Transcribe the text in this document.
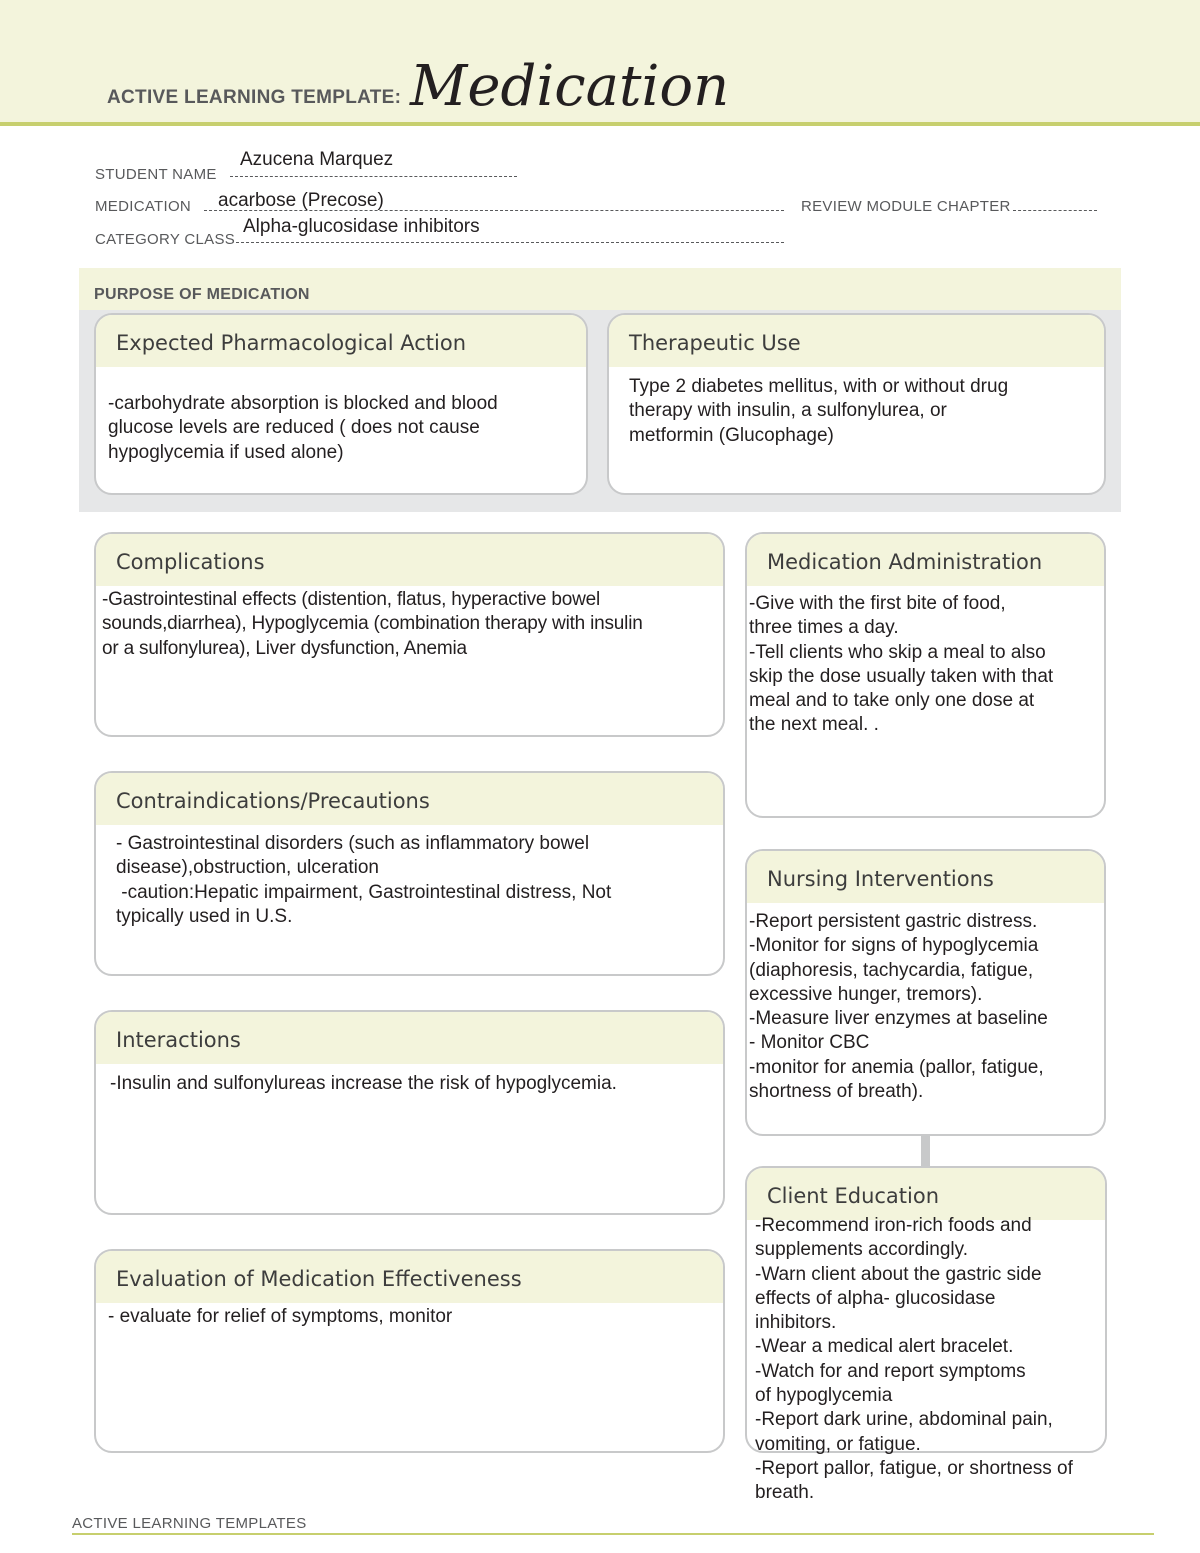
ACTIVE LEARNING TEMPLATE: Medication
STUDENT NAME
Azucena Marquez
MEDICATION acarbose (Precose)	REVIEW MODULE CHAPTER
CATEGORY CLASS
Alpha-glucosidase inhibitors
PURPOSE OF MEDICATION
Expected Pharmacological Action
-carbohydrate absorption is blocked and blood
glucose levels are reduced ( does not cause
hypoglycemia if used alone)
Therapeutic Use
Type 2 diabetes mellitus, with or without drug
therapy with insulin, a sulfonylurea, or
metformin (Glucophage)
Complications
-Gastrointestinal effects (distention, flatus, hyperactive bowel
sounds,diarrhea), Hypoglycemia (combination therapy with insulin
or a sulfonylurea), Liver dysfunction, Anemia
Contraindications/Precautions
- Gastrointestinal disorders (such as inflammatory bowel
disease),obstruction, ulceration
-caution:Hepatic impairment, Gastrointestinal distress, Not
typically used in U.S.
Interactions
-Insulin and sulfonylureas increase the risk of hypoglycemia.
Evaluation of Medication Effectiveness
- evaluate for relief of symptoms, monitor
Medication Administration
-Give with the first bite of food,
three times a day.
-Tell clients who skip a meal to also
skip the dose usually taken with that
meal and to take only one dose at
the next meal. .
Nursing Interventions
-Report persistent gastric distress.
-Monitor for signs of hypoglycemia
(diaphoresis, tachycardia, fatigue,
excessive hunger, tremors).
-Measure liver enzymes at baseline
- Monitor CBC
-monitor for anemia (pallor, fatigue,
shortness of breath).
Client Education
-Recommend iron-rich foods and
supplements accordingly.
-Warn client about the gastric side
effects of alpha- glucosidase
inhibitors.
-Wear a medical alert bracelet.
-Watch for and report symptoms
of hypoglycemia
-Report dark urine, abdominal pain,
vomiting, or fatigue.
-Report pallor, fatigue, or shortness of breath.
ACTIVE LEARNING TEMPLATES
